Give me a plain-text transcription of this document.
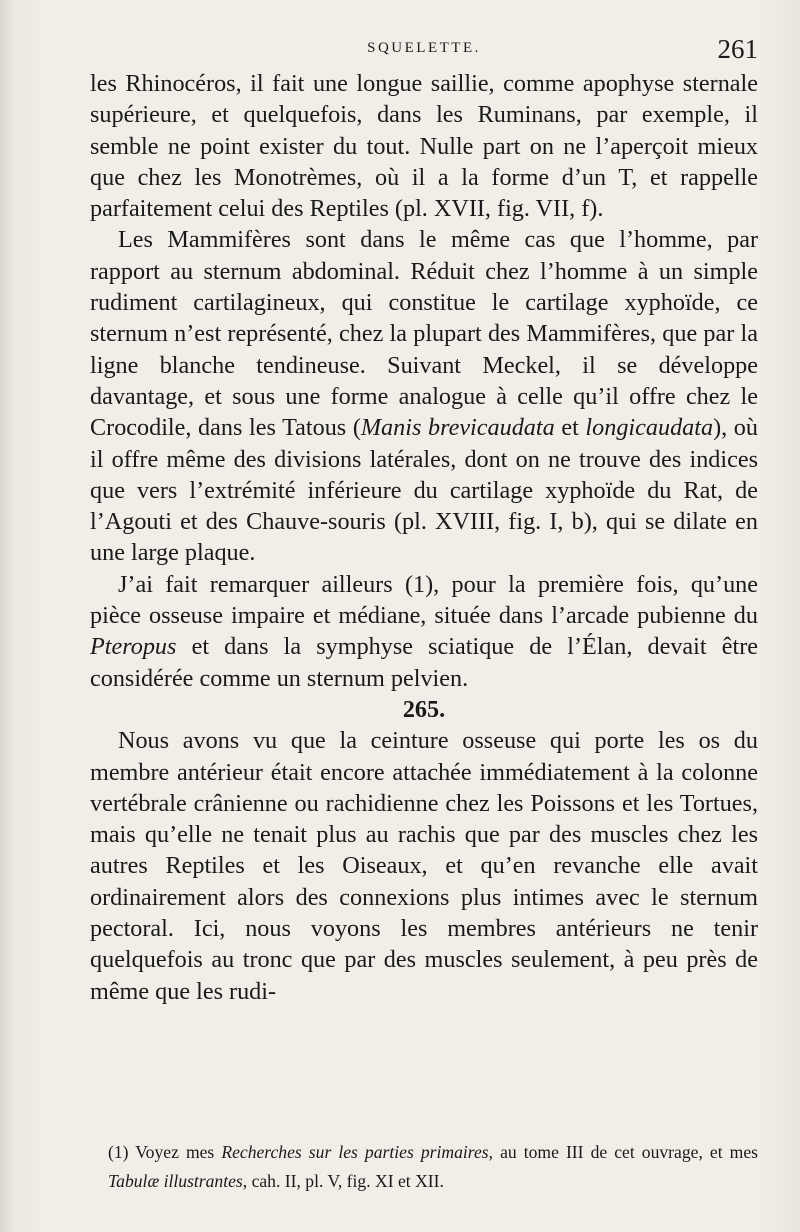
SQUELETTE.	261

les Rhinocéros, il fait une longue saillie, comme apophyse sternale supérieure, et quelquefois, dans les Ruminans, par exemple, il semble ne point exister du tout. Nulle part on ne l’aperçoit mieux que chez les Monotrèmes, où il a la forme d’un T, et rappelle parfaitement celui des Reptiles (pl. XVII, fig. VII, f).

Les Mammifères sont dans le même cas que l’homme, par rapport au sternum abdominal. Réduit chez l’homme à un simple rudiment cartilagineux, qui constitue le cartilage xyphoïde, ce sternum n’est représenté, chez la plupart des Mammifères, que par la ligne blanche tendineuse. Suivant Meckel, il se développe davantage, et sous une forme analogue à celle qu’il offre chez le Crocodile, dans les Tatous (Manis brevicaudata et longicaudata), où il offre même des divisions latérales, dont on ne trouve des indices que vers l’extrémité inférieure du cartilage xyphoïde du Rat, de l’Agouti et des Chauve-souris (pl. XVIII, fig. I, b), qui se dilate en une large plaque.

J’ai fait remarquer ailleurs (1), pour la première fois, qu’une pièce osseuse impaire et médiane, située dans l’arcade pubienne du Pteropus et dans la symphyse sciatique de l’Élan, devait être considérée comme un sternum pelvien.

265.

Nous avons vu que la ceinture osseuse qui porte les os du membre antérieur était encore attachée immédiatement à la colonne vertébrale crânienne ou rachidienne chez les Poissons et les Tortues, mais qu’elle ne tenait plus au rachis que par des muscles chez les autres Reptiles et les Oiseaux, et qu’en revanche elle avait ordinairement alors des connexions plus intimes avec le sternum pectoral. Ici, nous voyons les membres antérieurs ne tenir quelquefois au tronc que par des muscles seulement, à peu près de même que les rudi-

(1) Voyez mes Recherches sur les parties primaires, au tome III de cet ouvrage, et mes Tabulæ illustrantes, cah. II, pl. V, fig. XI et XII.
